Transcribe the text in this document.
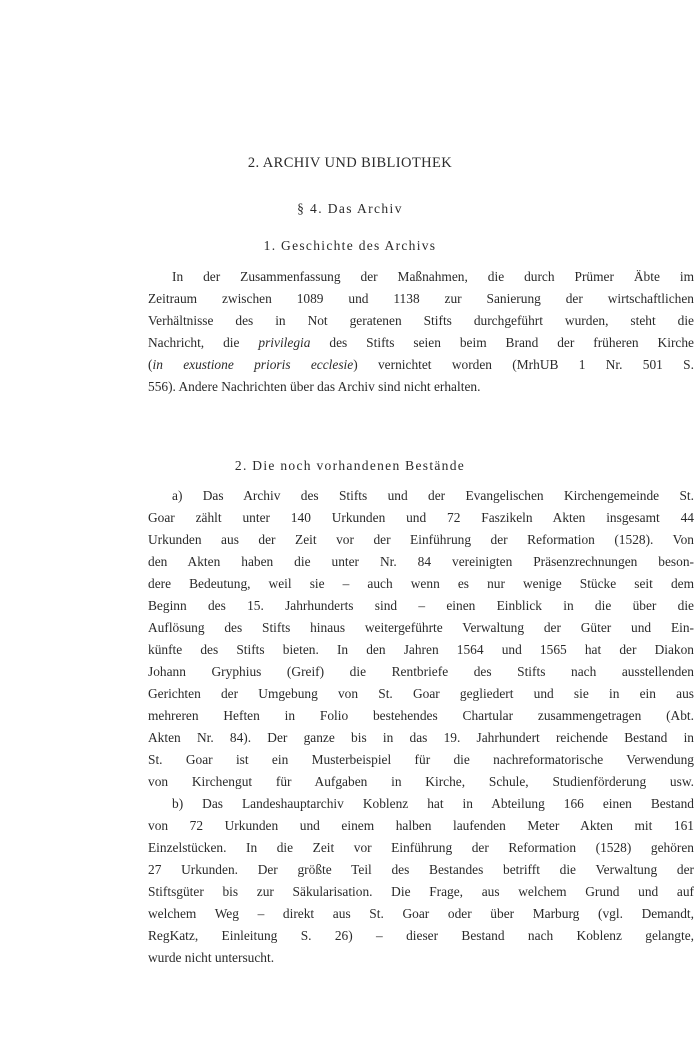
2. ARCHIV UND BIBLIOTHEK
§ 4. Das Archiv
1. Geschichte des Archivs
In der Zusammenfassung der Maßnahmen, die durch Prümer Äbte im
Zeitraum zwischen 1089 und 1138 zur Sanierung der wirtschaftlichen
Verhältnisse des in Not geratenen Stifts durchgeführt wurden, steht die
Nachricht, die privilegia des Stifts seien beim Brand der früheren Kirche
(in exustione prioris ecclesie) vernichtet worden (MrhUB 1 Nr. 501 S.
556). Andere Nachrichten über das Archiv sind nicht erhalten.
2. Die noch vorhandenen Bestände
a) Das Archiv des Stifts und der Evangelischen Kirchengemeinde St.
Goar zählt unter 140 Urkunden und 72 Faszikeln Akten insgesamt 44
Urkunden aus der Zeit vor der Einführung der Reformation (1528). Von
den Akten haben die unter Nr. 84 vereinigten Präsenzrechnungen beson-
dere Bedeutung, weil sie – auch wenn es nur wenige Stücke seit dem
Beginn des 15. Jahrhunderts sind – einen Einblick in die über die
Auflösung des Stifts hinaus weitergeführte Verwaltung der Güter und Ein-
künfte des Stifts bieten. In den Jahren 1564 und 1565 hat der Diakon
Johann Gryphius (Greif) die Rentbriefe des Stifts nach ausstellenden
Gerichten der Umgebung von St. Goar gegliedert und sie in ein aus
mehreren Heften in Folio bestehendes Chartular zusammengetragen (Abt.
Akten Nr. 84). Der ganze bis in das 19. Jahrhundert reichende Bestand in
St. Goar ist ein Musterbeispiel für die nachreformatorische Verwendung
von Kirchengut für Aufgaben in Kirche, Schule, Studienförderung usw.
b) Das Landeshauptarchiv Koblenz hat in Abteilung 166 einen Bestand
von 72 Urkunden und einem halben laufenden Meter Akten mit 161
Einzelstücken. In die Zeit vor Einführung der Reformation (1528) gehören
27 Urkunden. Der größte Teil des Bestandes betrifft die Verwaltung der
Stiftsgüter bis zur Säkularisation. Die Frage, aus welchem Grund und auf
welchem Weg – direkt aus St. Goar oder über Marburg (vgl. Demandt,
RegKatz, Einleitung S. 26) – dieser Bestand nach Koblenz gelangte,
wurde nicht untersucht.
